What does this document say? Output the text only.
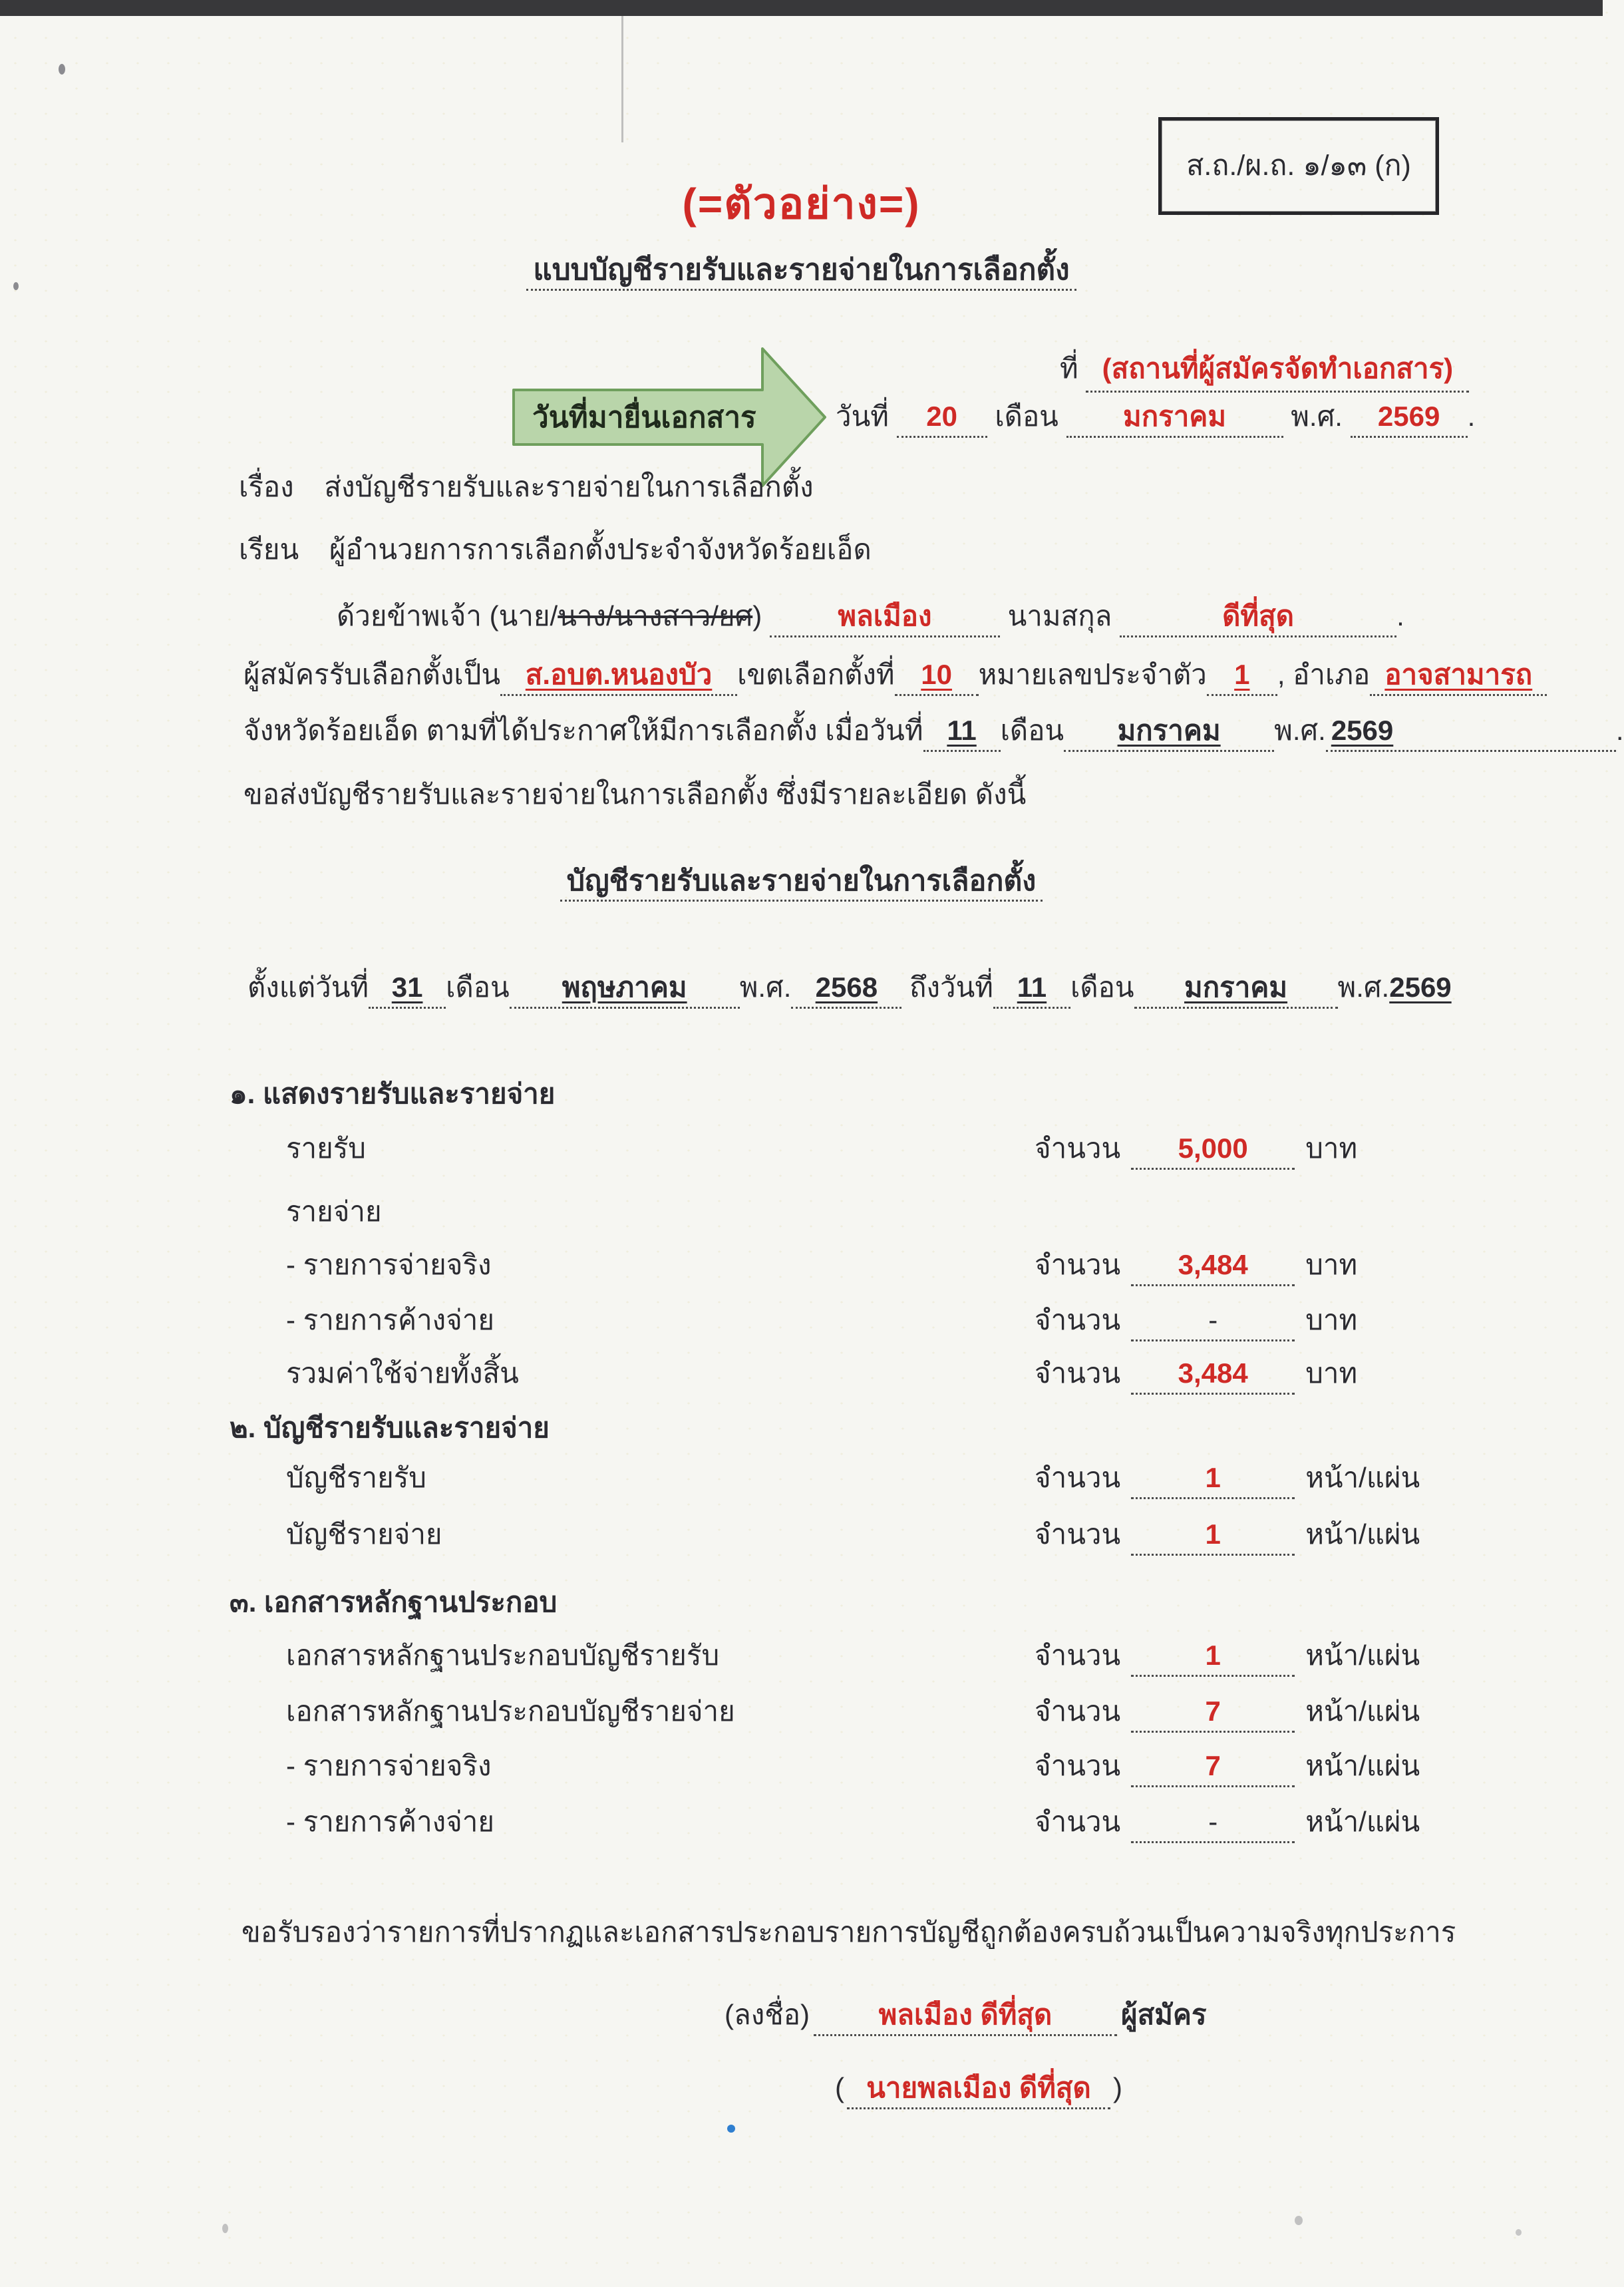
ส.ถ./ผ.ถ. ๑/๑๓ (ก)
(=ตัวอย่าง=)
แบบบัญชีรายรับและรายจ่ายในการเลือกตั้ง
ที่ (สถานที่ผู้สมัครจัดทำเอกสาร)
วันที่มายื่นเอกสาร	วันที่ 20 เดือน มกราคม พ.ศ. 2569 .
เรื่อง ส่งบัญชีรายรับและรายจ่ายในการเลือกตั้ง
เรียน ผู้อำนวยการการเลือกตั้งประจำจังหวัดร้อยเอ็ด
ด้วยข้าพเจ้า (นาย/นาง/นางสาว/ยศ)	พลเมือง	นามสกุล	ดีที่สุด	.
ผู้สมัครรับเลือกตั้งเป็น ส.อบต.หนองบัว เขตเลือกตั้งที่ 10 หมายเลขประจำตัว 1 , อำเภอ อาจสามารถ
จังหวัดร้อยเอ็ด ตามที่ได้ประกาศให้มีการเลือกตั้ง เมื่อวันที่ 11 เดือน มกราคม พ.ศ. 2569	.
ขอส่งบัญชีรายรับและรายจ่ายในการเลือกตั้ง ซึ่งมีรายละเอียด ดังนี้
บัญชีรายรับและรายจ่ายในการเลือกตั้ง
ตั้งแต่วันที่ 31 เดือน พฤษภาคม พ.ศ. 2568 ถึงวันที่ 11 เดือน มกราคม พ.ศ.2569
๑. แสดงรายรับและรายจ่าย
รายรับ	จำนวน 5,000 บาท
รายจ่าย
- รายการจ่ายจริง	จำนวน 3,484 บาท
- รายการค้างจ่าย	จำนวน	-	บาท
รวมค่าใช้จ่ายทั้งสิ้น	จำนวน 3,484 บาท
๒. บัญชีรายรับและรายจ่าย
บัญชีรายรับ	จำนวน	1	หน้า/แผ่น
บัญชีรายจ่าย	จำนวน	1	หน้า/แผ่น
๓. เอกสารหลักฐานประกอบ
เอกสารหลักฐานประกอบบัญชีรายรับ	จำนวน	1	หน้า/แผ่น
เอกสารหลักฐานประกอบบัญชีรายจ่าย	จำนวน	7	หน้า/แผ่น
- รายการจ่ายจริง	จำนวน	7	หน้า/แผ่น
- รายการค้างจ่าย	จำนวน	-	หน้า/แผ่น
ขอรับรองว่ารายการที่ปรากฏและเอกสารประกอบรายการบัญชีถูกต้องครบถ้วนเป็นความจริงทุกประการ
(ลงชื่อ) พลเมือง ดีที่สุด ผู้สมัคร
( นายพลเมือง ดีที่สุด )
